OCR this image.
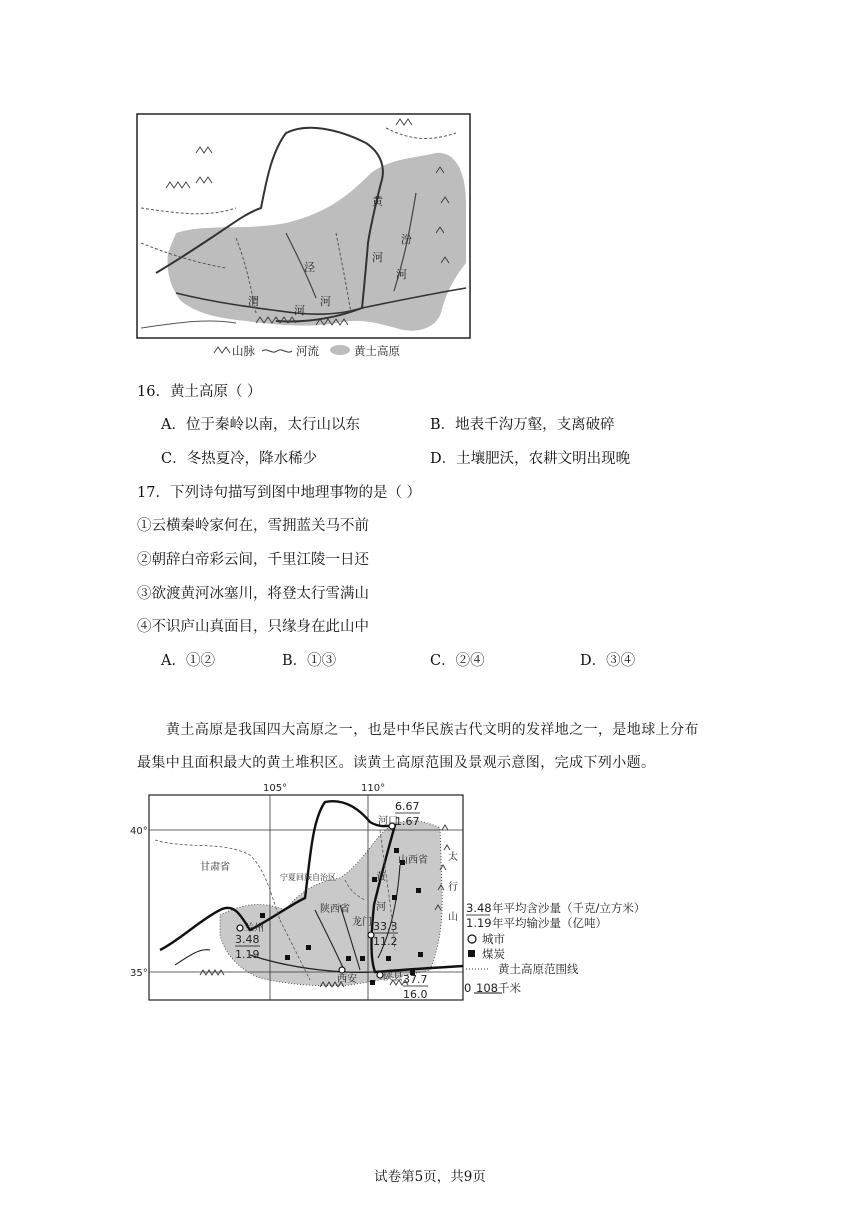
黄
河
汾
河
泾
河
渭
河
山脉	河流	黄土高原
16．黄土高原（ ）
A．位于秦岭以南，太行山以东	B．地表千沟万壑，支离破碎
C．冬热夏冷，降水稀少	D．土壤肥沃，农耕文明出现晚
17．下列诗句描写到图中地理事物的是（ ）
①云横秦岭家何在，雪拥蓝关马不前
②朝辞白帝彩云间，千里江陵一日还
③欲渡黄河冰塞川，将登太行雪满山
④不识庐山真面目，只缘身在此山中
A．①②	B．①③	C．②④	D．③④
黄土高原是我国四大高原之一，也是中华民族古代文明的发祥地之一，是地球上分布
最集中且面积最大的黄土堆积区。读黄土高原范围及景观示意图，完成下列小题。
105°	110°
40°
35°
甘肃省
山西省
陕西省
兰州
西安
龙门
河口
陕县
黄
河
太
行
山
宁夏回族自治区
6.67
1.67
3.48
1.19
33.3
11.2
37.7
16.0
3.48 年平均含沙量（千克/立方米）
1.19 年平均输沙量（亿吨）
城市
煤炭
黄土高原范围线
0 108千米
试卷第5页，共9页
